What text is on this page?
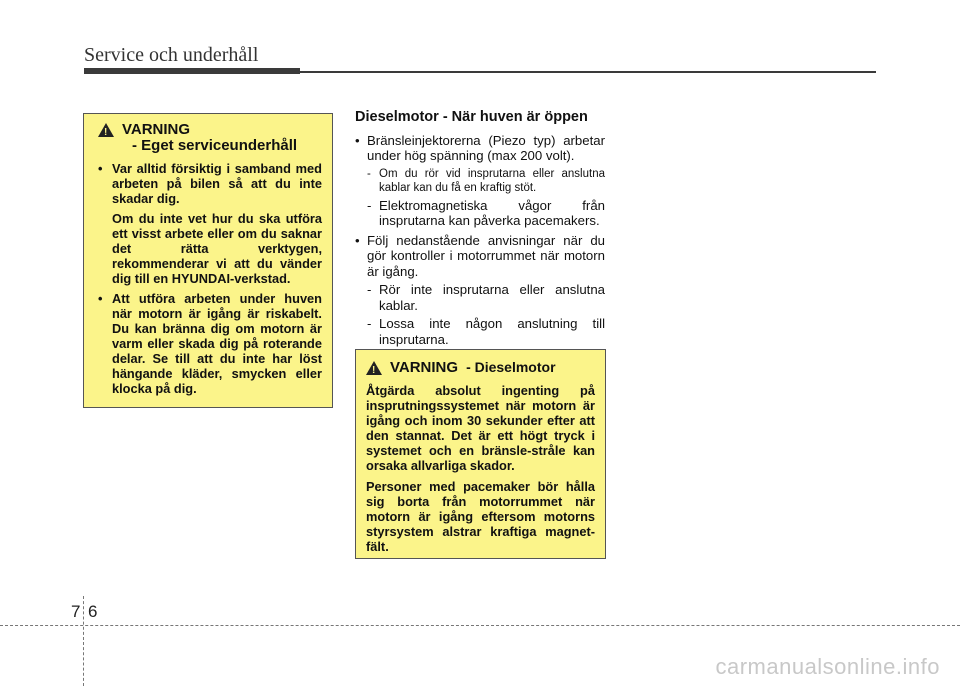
Service och underhåll
!
VARNING
- Eget serviceunderhåll
• Var alltid försiktig i samband med arbeten på bilen så att du inte skadar dig.
Om du inte vet hur du ska utföra ett visst arbete eller om du saknar det rätta verktygen, rekommenderar vi att du vänder dig till en HYUNDAI-verkstad.
• Att utföra arbeten under huven när motorn är igång är riskabelt. Du kan bränna dig om motorn är varm eller skada dig på roterande delar. Se till att du inte har löst hängande kläder, smycken eller klocka på dig.
Dieselmotor - När huven är öppen
• Bränsleinjektorerna (Piezo typ) arbetar under hög spänning (max 200 volt).
- Om du rör vid insprutarna eller anslutna kablar kan du få en kraftig stöt.
- Elektromagnetiska vågor från insprutarna kan påverka pacemakers.
• Följ nedanstående anvisningar när du gör kontroller i motorrummet när motorn är igång.
- Rör inte insprutarna eller anslutna kablar.
- Lossa inte någon anslutning till insprutarna.
!
VARNING - Dieselmotor

Åtgärda absolut ingenting på insprutningssystemet när motorn är igång och inom 30 sekunder efter att den stannat. Det är ett högt tryck i systemet och en bränsle-stråle kan orsaka allvarliga skador.

Personer med pacemaker bör hålla sig borta från motorrummet när motorn är igång eftersom motorns styrsystem alstrar kraftiga magnet-fält.

7 6
carmanualsonline.info
